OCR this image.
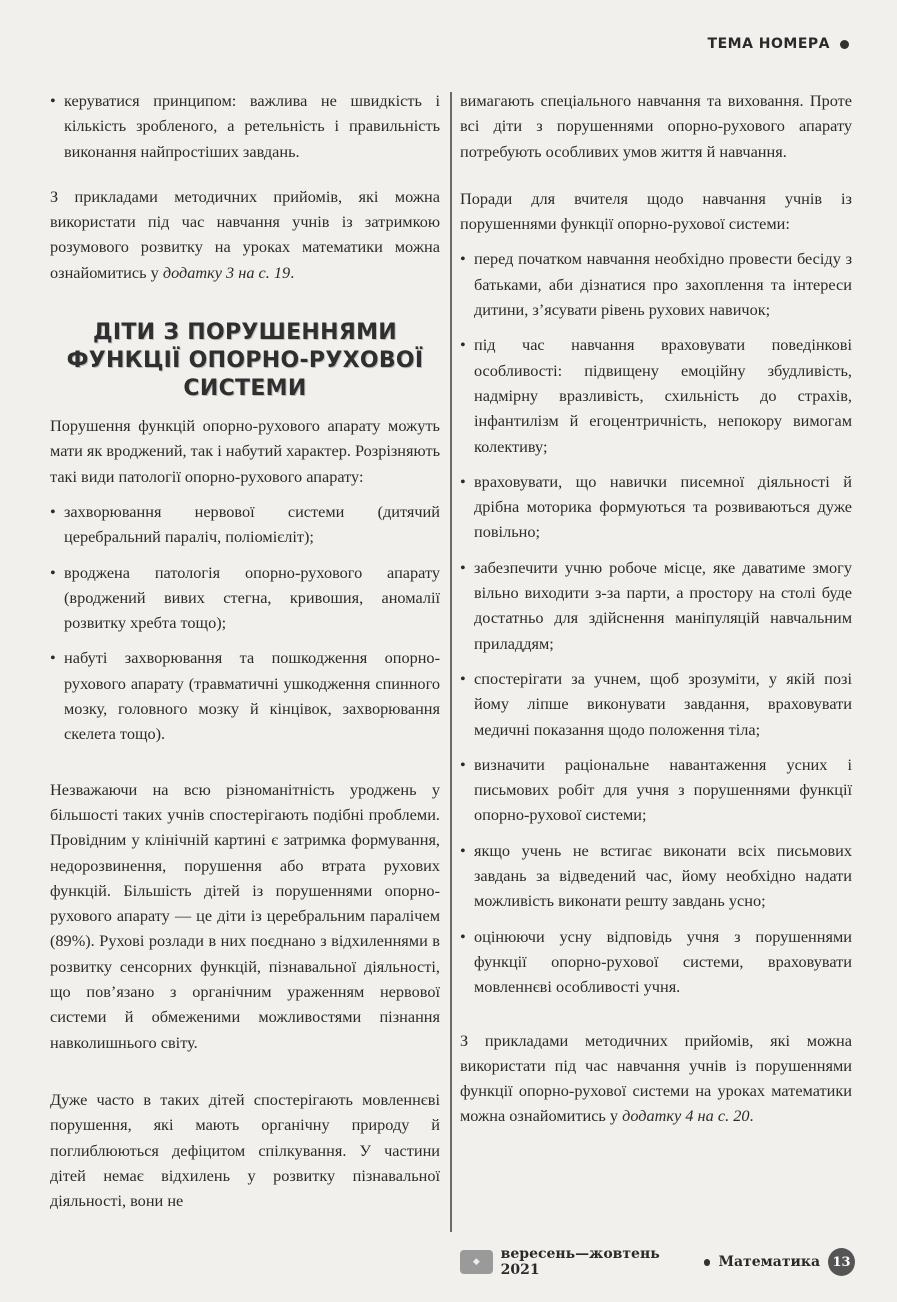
ТЕМА НОМЕРА
• керуватися принципом: важлива не швидкість і кількість зробленого, а ретельність і правильність виконання найпростіших завдань.

З прикладами методичних прийомів, які можна використати під час навчання учнів із затримкою розумового розвитку на уроках математики можна ознайомитись у додатку 3 на с. 19.

ДІТИ З ПОРУШЕННЯМИ ФУНКЦІЇ ОПОРНО-РУХОВОЇ СИСТЕМИ

Порушення функцій опорно-рухового апарату можуть мати як вроджений, так і набутий характер. Розрізняють такі види патології опорно-рухового апарату:

• захворювання нервової системи (дитячий церебральний параліч, поліомієліт);
• вроджена патологія опорно-рухового апарату (вроджений вивих стегна, кривошия, аномалії розвитку хребта тощо);
• набуті захворювання та пошкодження опорно-рухового апарату (травматичні ушкодження спинного мозку, головного мозку й кінцівок, захворювання скелета тощо).

Незважаючи на всю різноманітність уроджень у більшості таких учнів спостерігають подібні проблеми. Провідним у клінічній картині є затримка формування, недорозвинення, порушення або втрата рухових функцій. Більшість дітей із порушеннями опорно-рухового апарату — це діти із церебральним паралічем (89%). Рухові розлади в них поєднано з відхиленнями в розвитку сенсорних функцій, пізнавальної діяльності, що пов’язано з органічним ураженням нервової системи й обмеженими можливостями пізнання навколишнього світу.

Дуже часто в таких дітей спостерігають мовленнєві порушення, які мають органічну природу й поглиблюються дефіцитом спілкування. У частини дітей немає відхилень у розвитку пізнавальної діяльності, вони не

вимагають спеціального навчання та виховання. Проте всі діти з порушеннями опорно-рухового апарату потребують особливих умов життя й навчання.

Поради для вчителя щодо навчання учнів із порушеннями функції опорно-рухової системи:

• перед початком навчання необхідно провести бесіду з батьками, аби дізнатися про захоплення та інтереси дитини, з’ясувати рівень рухових навичок;
• під час навчання враховувати поведінкові особливості: підвищену емоційну збудливість, надмірну вразливість, схильність до страхів, інфантилізм й егоцентричність, непокору вимогам колективу;
• враховувати, що навички писемної діяльності й дрібна моторика формуються та розвиваються дуже повільно;
• забезпечити учню робоче місце, яке даватиме змогу вільно виходити з-за парти, а простору на столі буде достатньо для здійснення маніпуляцій навчальним приладдям;
• спостерігати за учнем, щоб зрозуміти, у якій позі йому ліпше виконувати завдання, враховувати медичні показання щодо положення тіла;
• визначити раціональне навантаження усних і письмових робіт для учня з порушеннями функції опорно-рухової системи;
• якщо учень не встигає виконати всіх письмових завдань за відведений час, йому необхідно надати можливість виконати решту завдань усно;
• оцінюючи усну відповідь учня з порушеннями функції опорно-рухової системи, враховувати мовленнєві особливості учня.

З прикладами методичних прийомів, які можна використати під час навчання учнів із порушеннями функції опорно-рухової системи на уроках математики можна ознайомитись у додатку 4 на с. 20.

◆	вересень—жовтень 2021	Математика 13
